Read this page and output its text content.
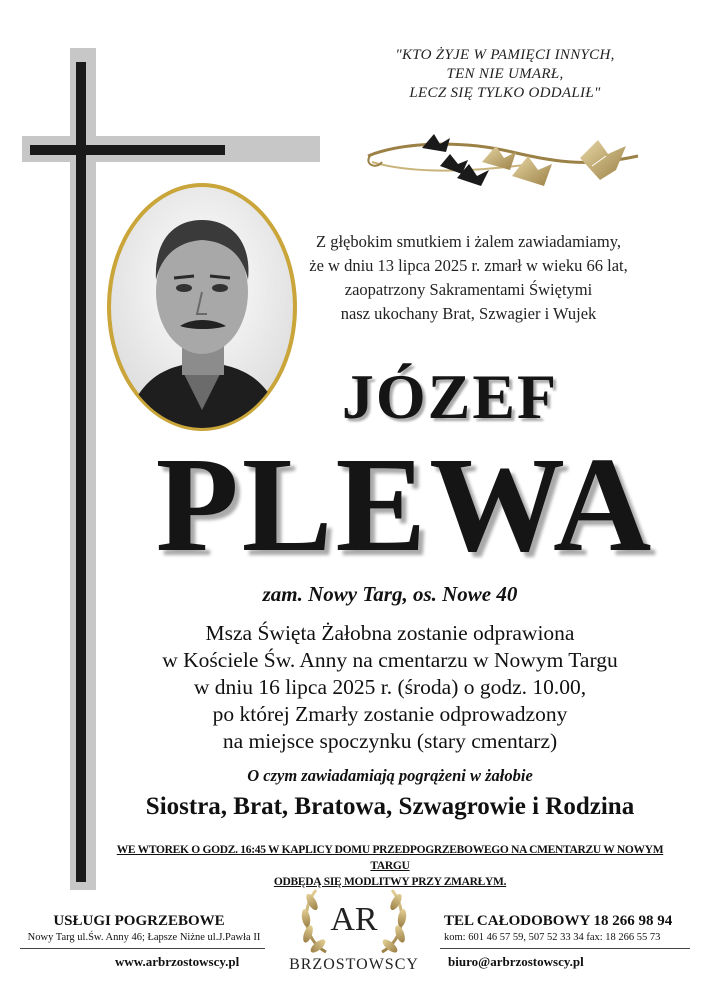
"KTO ŻYJE W PAMIĘCI INNYCH,
TEN NIE UMARŁ,
LECZ SIĘ TYLKO ODDALIŁ"
Z głębokim smutkiem i żalem zawiadamiamy,
że w dniu 13 lipca 2025 r. zmarł w wieku 66 lat,
zaopatrzony Sakramentami Świętymi
nasz ukochany Brat, Szwagier i Wujek
JÓZEF
PLEWA
zam. Nowy Targ, os. Nowe 40
Msza Święta Żałobna zostanie odprawiona
w Kościele Św. Anny na cmentarzu w Nowym Targu
w dniu 16 lipca 2025 r. (środa) o godz. 10.00,
po której Zmarły zostanie odprowadzony
na miejsce spoczynku (stary cmentarz)
O czym zawiadamiają pogrążeni w żałobie
Siostra, Brat, Bratowa, Szwagrowie i Rodzina
WE WTOREK O GODZ. 16:45 W KAPLICY DOMU PRZEDPOGRZEBOWEGO NA CMENTARZU W NOWYM TARGU
ODBĘDĄ SIĘ MODLITWY PRZY ZMARŁYM.
USŁUGI POGRZEBOWE
Nowy Targ ul.Św. Anny 46; Łapsze Niżne ul.J.Pawła II
www.arbrzostowscy.pl
AR
BRZOSTOWSCY
TEL CAŁODOBOWY 18 266 98 94
kom: 601 46 57 59, 507 52 33 34 fax: 18 266 55 73
biuro@arbrzostowscy.pl
